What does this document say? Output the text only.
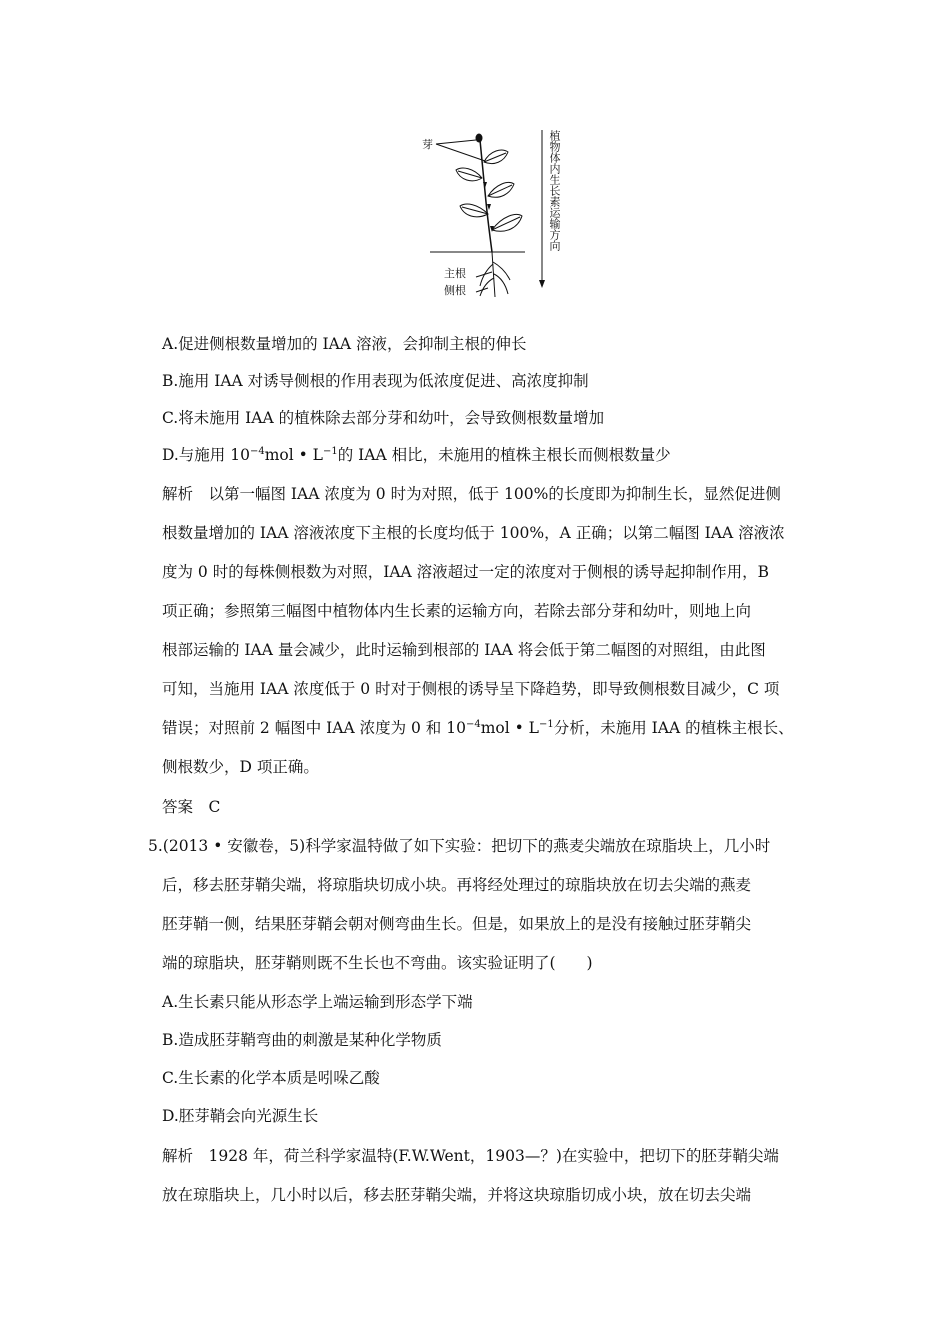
芽
主根
侧根
植物体内生长素运输方向
A.促进侧根数量增加的 IAA 溶液，会抑制主根的伸长
B.施用 IAA 对诱导侧根的作用表现为低浓度促进、高浓度抑制
C.将未施用 IAA 的植株除去部分芽和幼叶，会导致侧根数量增加
D.与施用 $10^{-4}mol$ • $L^{-1}$的 IAA 相比，未施用的植株主根长而侧根数量少
解析　以第一幅图 IAA 浓度为 0 时为对照，低于 100%的长度即为抑制生长，显然促进侧
根数量增加的 IAA 溶液浓度下主根的长度均低于 100%，A 正确；以第二幅图 IAA 溶液浓
度为 0 时的每株侧根数为对照，IAA 溶液超过一定的浓度对于侧根的诱导起抑制作用，B
项正确；参照第三幅图中植物体内生长素的运输方向，若除去部分芽和幼叶，则地上向
根部运输的 IAA 量会减少，此时运输到根部的 IAA 将会低于第二幅图的对照组，由此图
可知，当施用 IAA 浓度低于 0 时对于侧根的诱导呈下降趋势，即导致侧根数目减少，C 项
错误；对照前 2 幅图中 IAA 浓度为 0 和 $10^{-4}mol$ • $L^{-1}$分析，未施用 IAA 的植株主根长、
侧根数少，D 项正确。
答案　C
5.(2013 • 安徽卷，5)科学家温特做了如下实验：把切下的燕麦尖端放在琼脂块上，几小时
后，移去胚芽鞘尖端，将琼脂块切成小块。再将经处理过的琼脂块放在切去尖端的燕麦
胚芽鞘一侧，结果胚芽鞘会朝对侧弯曲生长。但是，如果放上的是没有接触过胚芽鞘尖
端的琼脂块，胚芽鞘则既不生长也不弯曲。该实验证明了(　　)
A.生长素只能从形态学上端运输到形态学下端
B.造成胚芽鞘弯曲的刺激是某种化学物质
C.生长素的化学本质是吲哚乙酸
D.胚芽鞘会向光源生长
解析　1928 年，荷兰科学家温特(F.W.Went，1903—？)在实验中，把切下的胚芽鞘尖端
放在琼脂块上，几小时以后，移去胚芽鞘尖端，并将这块琼脂切成小块，放在切去尖端
